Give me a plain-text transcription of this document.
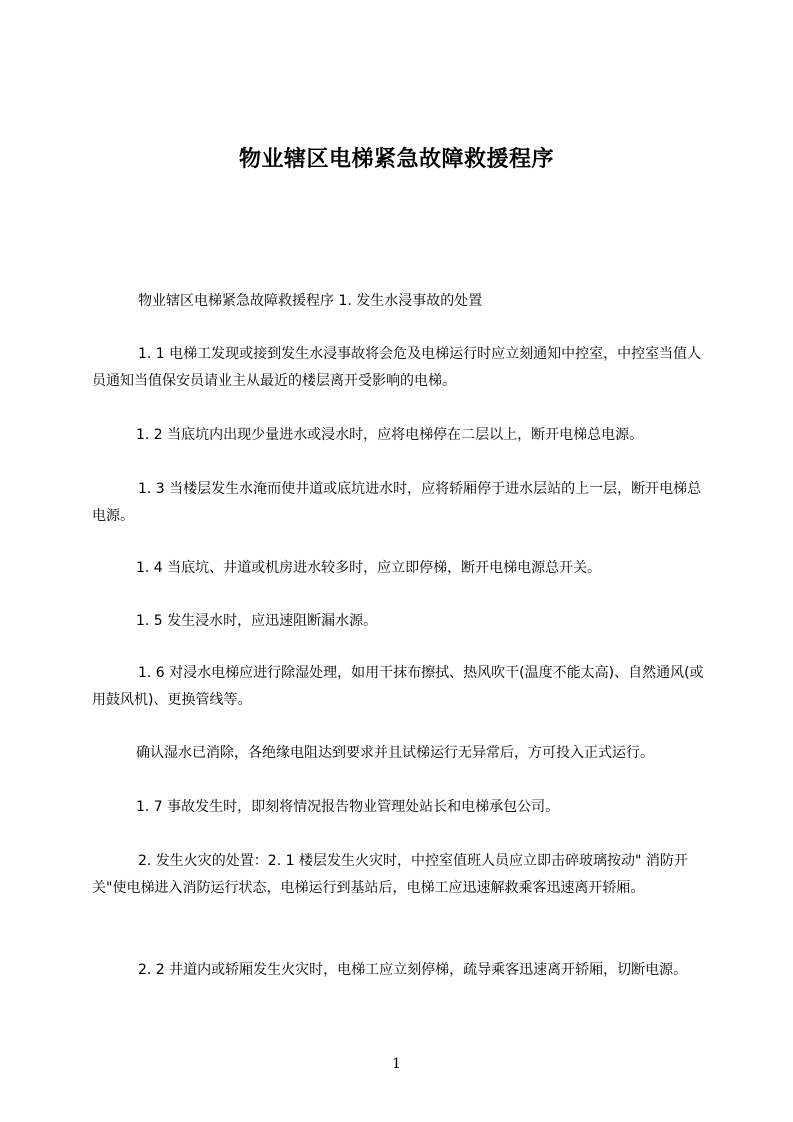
物业辖区电梯紧急故障救援程序

物业辖区电梯紧急故障救援程序 1. 发生水浸事故的处置

1. 1 电梯工发现或接到发生水浸事故将会危及电梯运行时应立刻通知中控室，中控室当值人员通知当值保安员请业主从最近的楼层离开受影响的电梯。

1. 2 当底坑内出现少量进水或浸水时，应将电梯停在二层以上，断开电梯总电源。

1. 3 当楼层发生水淹而使井道或底坑进水时，应将轿厢停于进水层站的上一层，断开电梯总电源。

1. 4 当底坑、井道或机房进水较多时，应立即停梯，断开电梯电源总开关。

1. 5 发生浸水时，应迅速阻断漏水源。

1. 6 对浸水电梯应进行除湿处理，如用干抹布擦拭、热风吹干(温度不能太高)、自然通风(或用鼓风机)、更换管线等。

确认湿水已消除，各绝缘电阻达到要求并且试梯运行无异常后，方可投入正式运行。

1. 7 事故发生时，即刻将情况报告物业管理处站长和电梯承包公司。

2. 发生火灾的处置：2. 1 楼层发生火灾时，中控室值班人员应立即击碎玻璃按动" 消防开关"使电梯进入消防运行状态，电梯运行到基站后，电梯工应迅速解救乘客迅速离开轿厢。

2. 2 井道内或轿厢发生火灾时，电梯工应立刻停梯，疏导乘客迅速离开轿厢，切断电源。

1
